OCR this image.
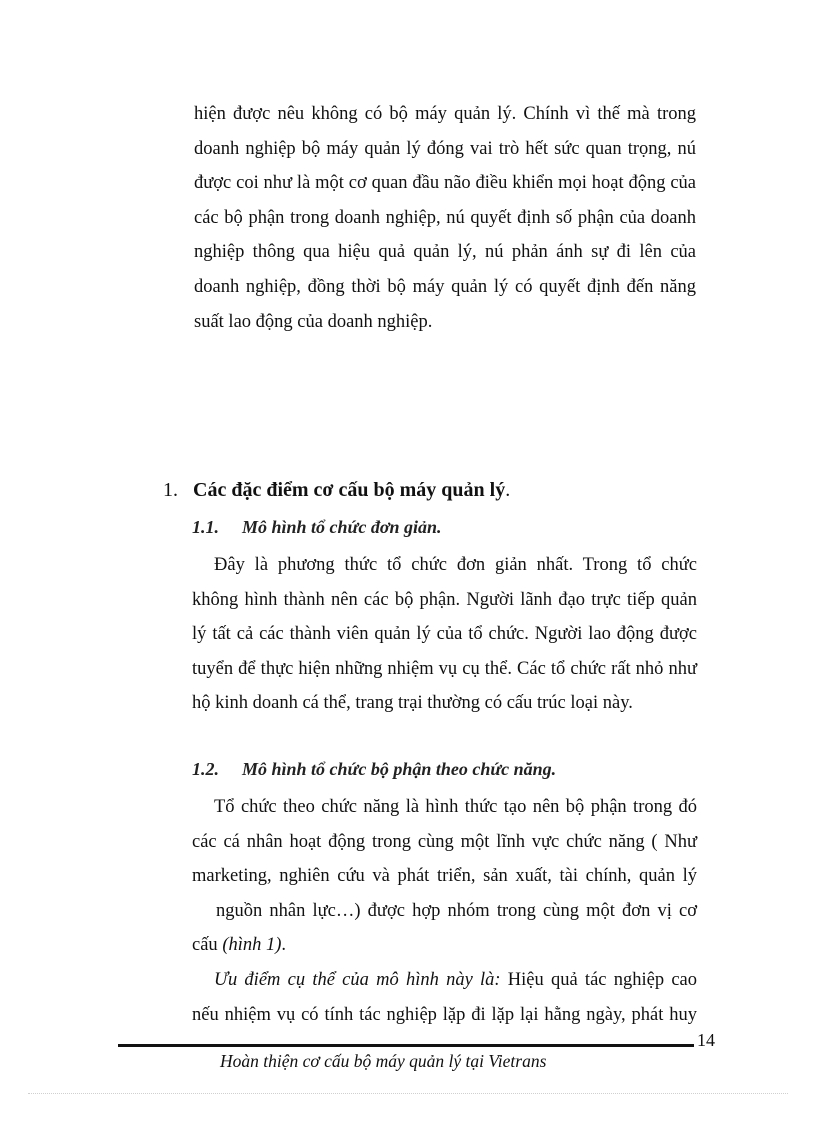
hiện được nêu không có bộ máy quản lý. Chính vì thế mà trong
doanh nghiệp bộ máy quản lý đóng vai trò hết sức quan trọng, nú
được coi như là một cơ quan đầu não điều khiển mọi hoạt động của
các bộ phận trong doanh nghiệp, nú quyết định số phận của doanh
nghiệp thông qua hiệu quả quản lý, nú phản ánh sự đi lên của
doanh nghiệp, đồng thời bộ máy quản lý có quyết định đến năng
suất lao động của doanh nghiệp.
1. Các đặc điểm cơ cấu bộ máy quản lý.
1.1. Mô hình tổ chức đơn giản.
Đây là phương thức tổ chức đơn giản nhất. Trong tổ chức
không hình thành nên các bộ phận. Người lãnh đạo trực tiếp quản
lý tất cả các thành viên quản lý của tổ chức. Người lao động được
tuyển để thực hiện những nhiệm vụ cụ thể. Các tổ chức rất nhỏ như
hộ kinh doanh cá thể, trang trại thường có cấu trúc loại này.
1.2. Mô hình tổ chức bộ phận theo chức năng.
Tổ chức theo chức năng là hình thức tạo nên bộ phận trong đó
các cá nhân hoạt động trong cùng một lĩnh vực chức năng ( Như
marketing, nghiên cứu và phát triển, sản xuất, tài chính, quản lý
nguồn nhân lực…) được hợp nhóm trong cùng một đơn vị cơ
cấu (hình 1).
Ưu điểm cụ thể của mô hình này là: Hiệu quả tác nghiệp cao
nếu nhiệm vụ có tính tác nghiệp lặp đi lặp lại hằng ngày, phát huy
14
Hoàn thiện cơ cấu bộ máy quản lý tại Vietrans
